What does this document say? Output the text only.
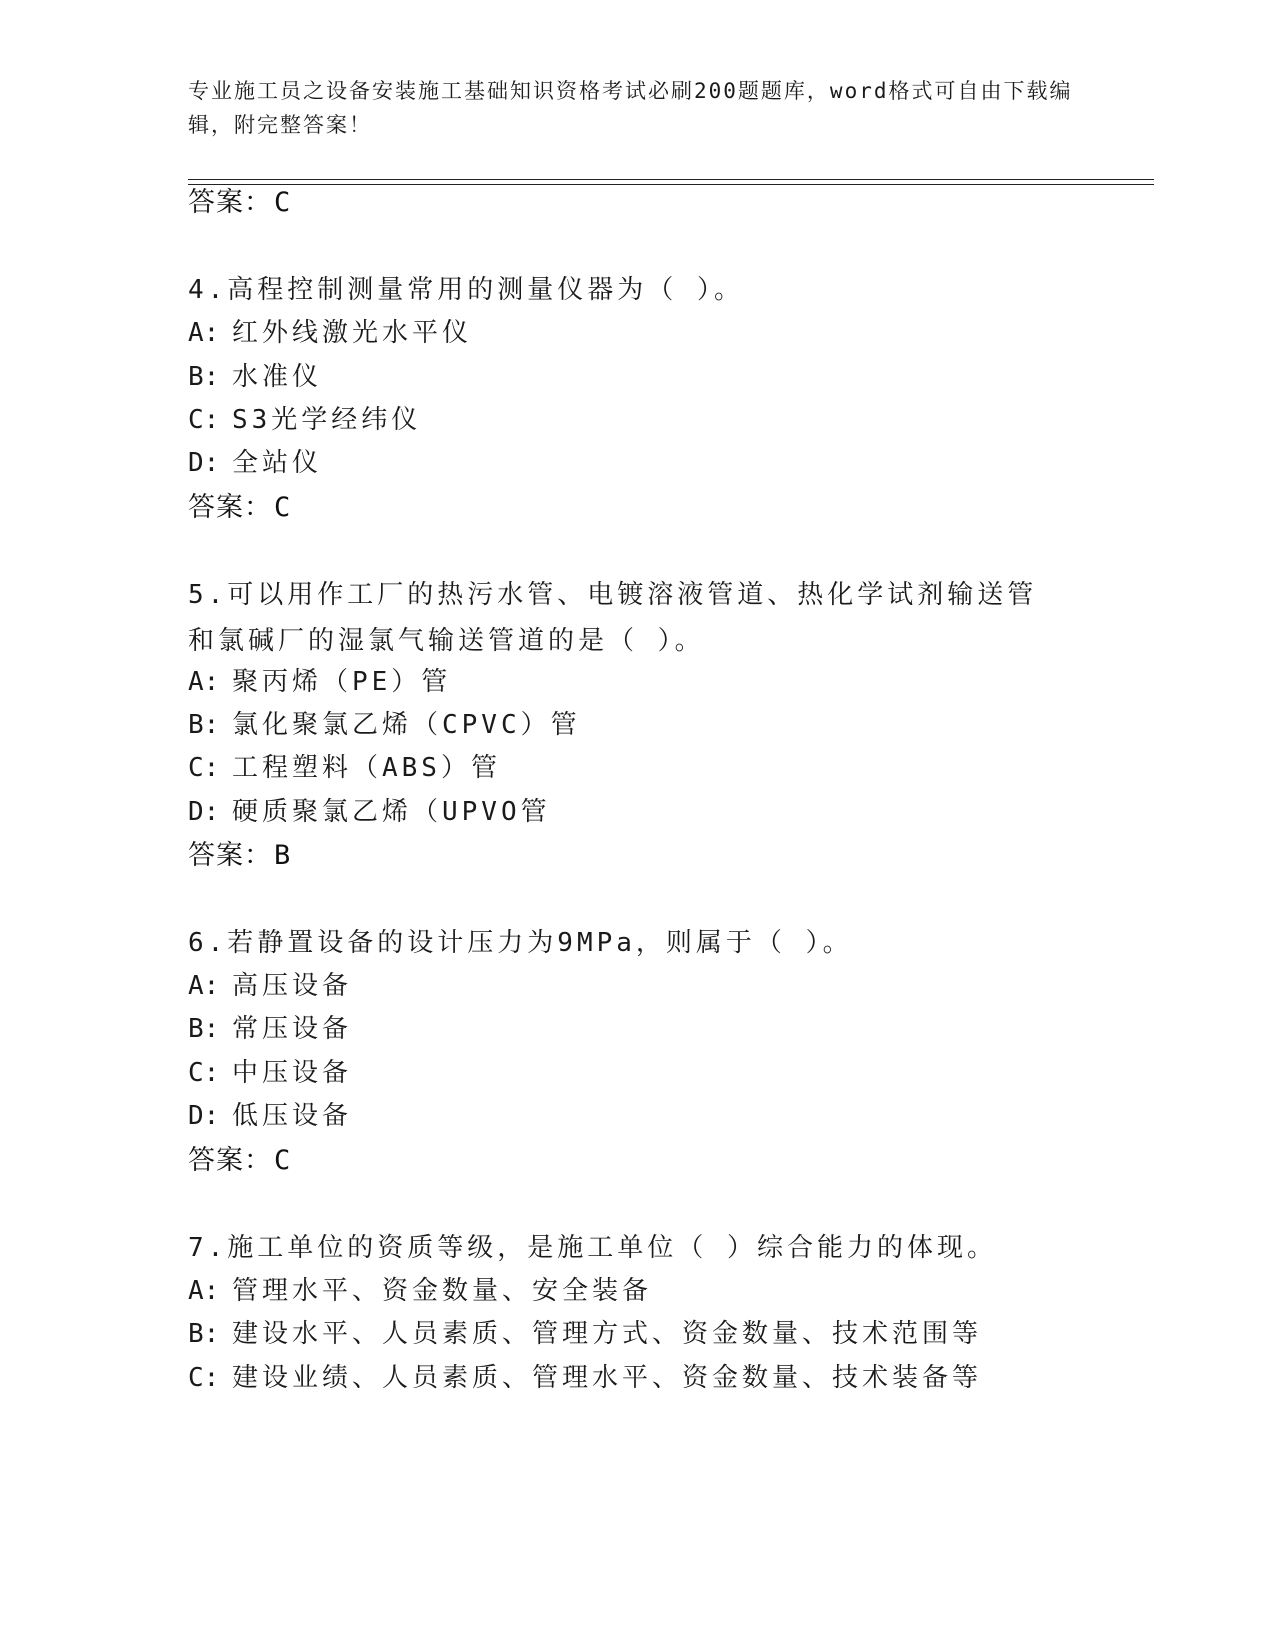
专业施工员之设备安装施工基础知识资格考试必刷200题题库，word格式可自由下载编辑，附完整答案！
答案：C
4.高程控制测量常用的测量仪器为（ ）。
A: 红外线激光水平仪
B: 水准仪
C: S3光学经纬仪
D: 全站仪
答案：C
5.可以用作工厂的热污水管、电镀溶液管道、热化学试剂输送管和氯碱厂的湿氯气输送管道的是（ ）。
A: 聚丙烯（PE）管
B: 氯化聚氯乙烯（CPVC）管
C: 工程塑料（ABS）管
D: 硬质聚氯乙烯（UPVO管
答案：B
6.若静置设备的设计压力为9MPa，则属于（ ）。
A: 高压设备
B: 常压设备
C: 中压设备
D: 低压设备
答案：C
7.施工单位的资质等级，是施工单位（ ）综合能力的体现。
A: 管理水平、资金数量、安全装备
B: 建设水平、人员素质、管理方式、资金数量、技术范围等
C: 建设业绩、人员素质、管理水平、资金数量、技术装备等
